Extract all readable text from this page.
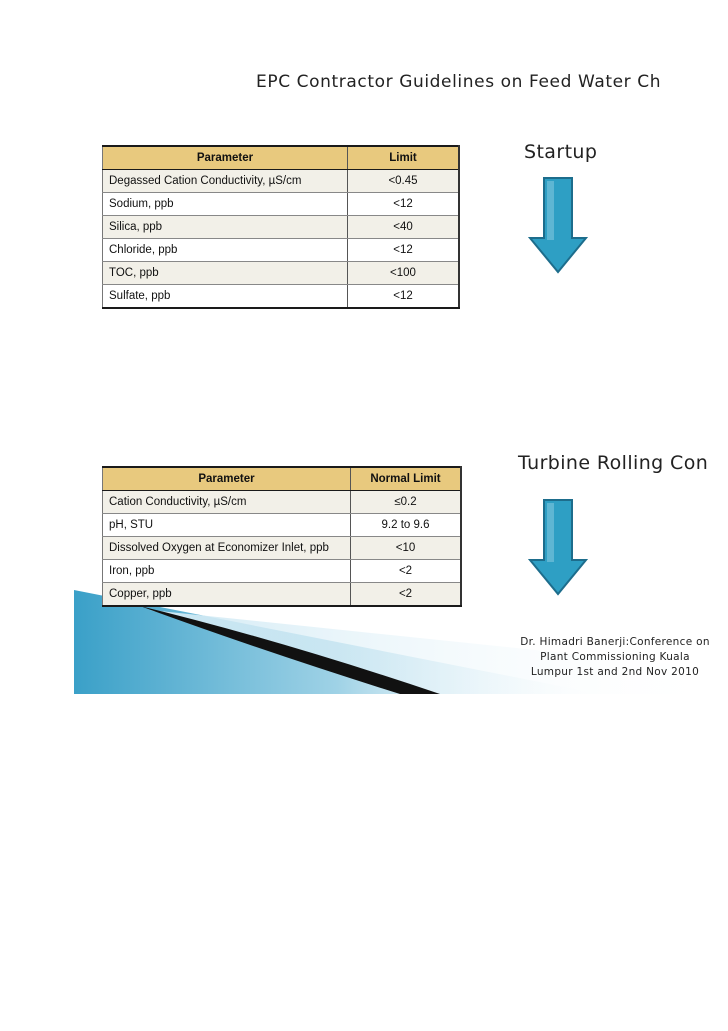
EPC Contractor Guidelines on Feed Water Ch
Parameter	Limit
Degassed Cation Conductivity, µS/cm	<0.45
Sodium, ppb	<12
Silica, ppb	<40
Chloride, ppb	<12
TOC, ppb	<100
Sulfate, ppb	<12
Startup
Parameter	Normal Limit
Cation Conductivity, µS/cm	≤0.2
pH, STU	9.2 to 9.6
Dissolved Oxygen at Economizer Inlet, ppb	<10
Iron, ppb	<2
Copper, ppb	<2
Turbine Rolling Con
Dr. Himadri Banerji:Conference on
Plant Commissioning Kuala
Lumpur 1st and 2nd Nov 2010
